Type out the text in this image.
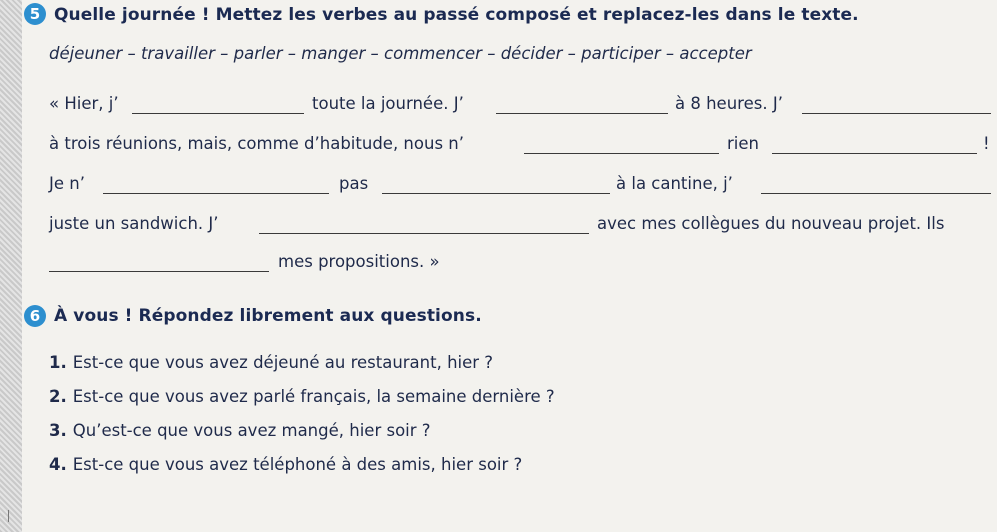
5 Quelle journée ! Mettez les verbes au passé composé et replacez-les dans le texte.
déjeuner – travailler – parler – manger – commencer – décider – participer – accepter
« Hier, j’	toute la journée. J’	à 8 heures. J’
à trois réunions, mais, comme d’habitude, nous n’	rien	!
Je n’	pas	à la cantine, j’
juste un sandwich. J’	avec mes collègues du nouveau projet. Ils
mes propositions. »
6 À vous ! Répondez librement aux questions.
1. Est-ce que vous avez déjeuné au restaurant, hier ?
2. Est-ce que vous avez parlé français, la semaine dernière ?
3. Qu’est-ce que vous avez mangé, hier soir ?
4. Est-ce que vous avez téléphoné à des amis, hier soir ?
